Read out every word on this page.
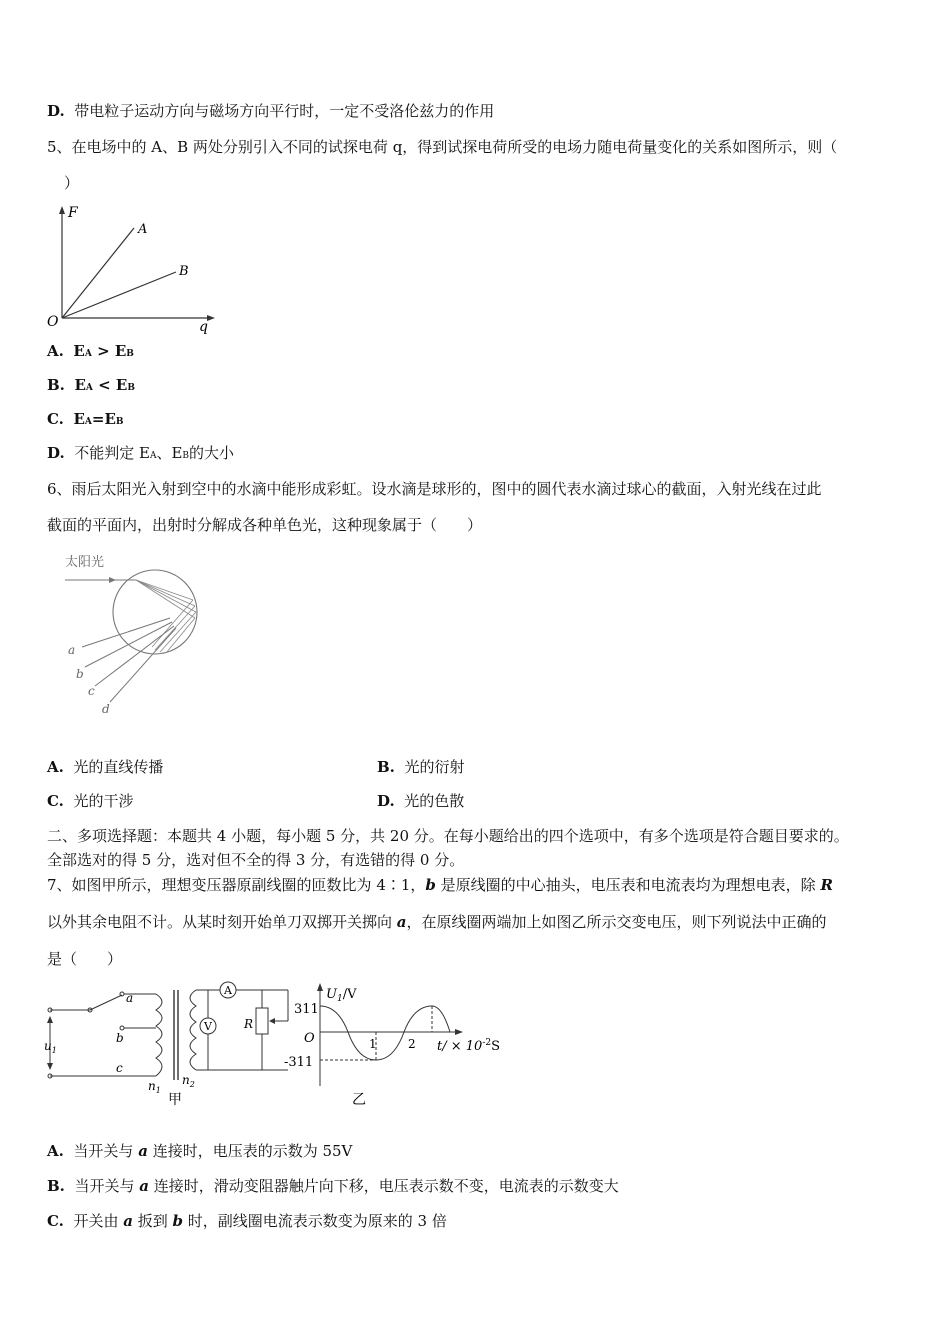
D. 带电粒子运动方向与磁场方向平行时，一定不受洛伦兹力的作用
5、在电场中的 A、B 两处分别引入不同的试探电荷 q，得到试探电荷所受的电场力随电荷量变化的关系如图所示，则（
）
F
q
O
A
B
A. EA > EB
B. EA < EB
C. EA=EB
D. 不能判定 EA、EB的大小
6、雨后太阳光入射到空中的水滴中能形成彩虹。设水滴是球形的，图中的圆代表水滴过球心的截面，入射光线在过此
截面的平面内，出射时分解成各种单色光，这种现象属于（　　）
太阳光
a
b
c
d
A. 光的直线传播	B. 光的衍射
C. 光的干涉	D. 光的色散
二、多项选择题：本题共 4 小题，每小题 5 分，共 20 分。在每小题给出的四个选项中，有多个选项是符合题目要求的。
全部选对的得 5 分，选对但不全的得 3 分，有选错的得 0 分。
7、如图甲所示，理想变压器原副线圈的匝数比为 4∶1，b 是原线圈的中心抽头，电压表和电流表均为理想电表，除 R
以外其余电阻不计。从某时刻开始单刀双掷开关掷向 a，在原线圈两端加上如图乙所示交变电压，则下列说法中正确的
是（　　）
A
V	R
a
b
c
$u_1$
$n_1$
$n_2$
甲
$U_1/V$
311
-311
O	1	2 $t/ \times 10^{-2}S$
乙
A. 当开关与 a 连接时，电压表的示数为 55V
B. 当开关与 a 连接时，滑动变阻器触片向下移，电压表示数不变，电流表的示数变大
C. 开关由 a 扳到 b 时，副线圈电流表示数变为原来的 3 倍
